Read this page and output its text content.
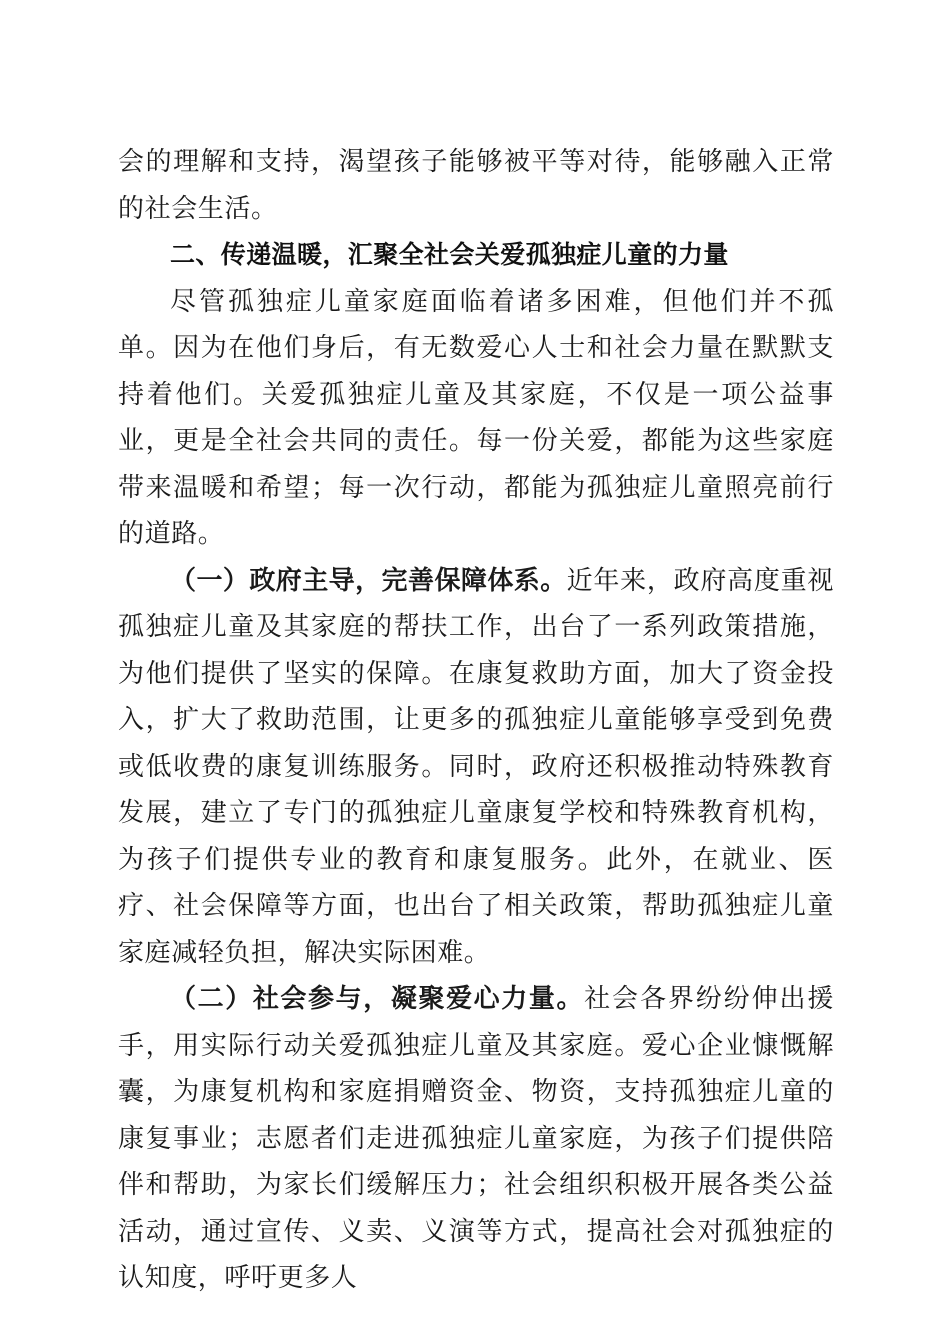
会的理解和支持，渴望孩子能够被平等对待，能够融入正常的社会生活。

二、传递温暖，汇聚全社会关爱孤独症儿童的力量

尽管孤独症儿童家庭面临着诸多困难，但他们并不孤单。因为在他们身后，有无数爱心人士和社会力量在默默支持着他们。关爱孤独症儿童及其家庭，不仅是一项公益事业，更是全社会共同的责任。每一份关爱，都能为这些家庭带来温暖和希望；每一次行动，都能为孤独症儿童照亮前行的道路。

（一）政府主导，完善保障体系。近年来，政府高度重视孤独症儿童及其家庭的帮扶工作，出台了一系列政策措施，为他们提供了坚实的保障。在康复救助方面，加大了资金投入，扩大了救助范围，让更多的孤独症儿童能够享受到免费或低收费的康复训练服务。同时，政府还积极推动特殊教育发展，建立了专门的孤独症儿童康复学校和特殊教育机构，为孩子们提供专业的教育和康复服务。此外，在就业、医疗、社会保障等方面，也出台了相关政策，帮助孤独症儿童家庭减轻负担，解决实际困难。

（二）社会参与，凝聚爱心力量。社会各界纷纷伸出援手，用实际行动关爱孤独症儿童及其家庭。爱心企业慷慨解囊，为康复机构和家庭捐赠资金、物资，支持孤独症儿童的康复事业；志愿者们走进孤独症儿童家庭，为孩子们提供陪伴和帮助，为家长们缓解压力；社会组织积极开展各类公益活动，通过宣传、义卖、义演等方式，提高社会对孤独症的认知度，呼吁更多人
